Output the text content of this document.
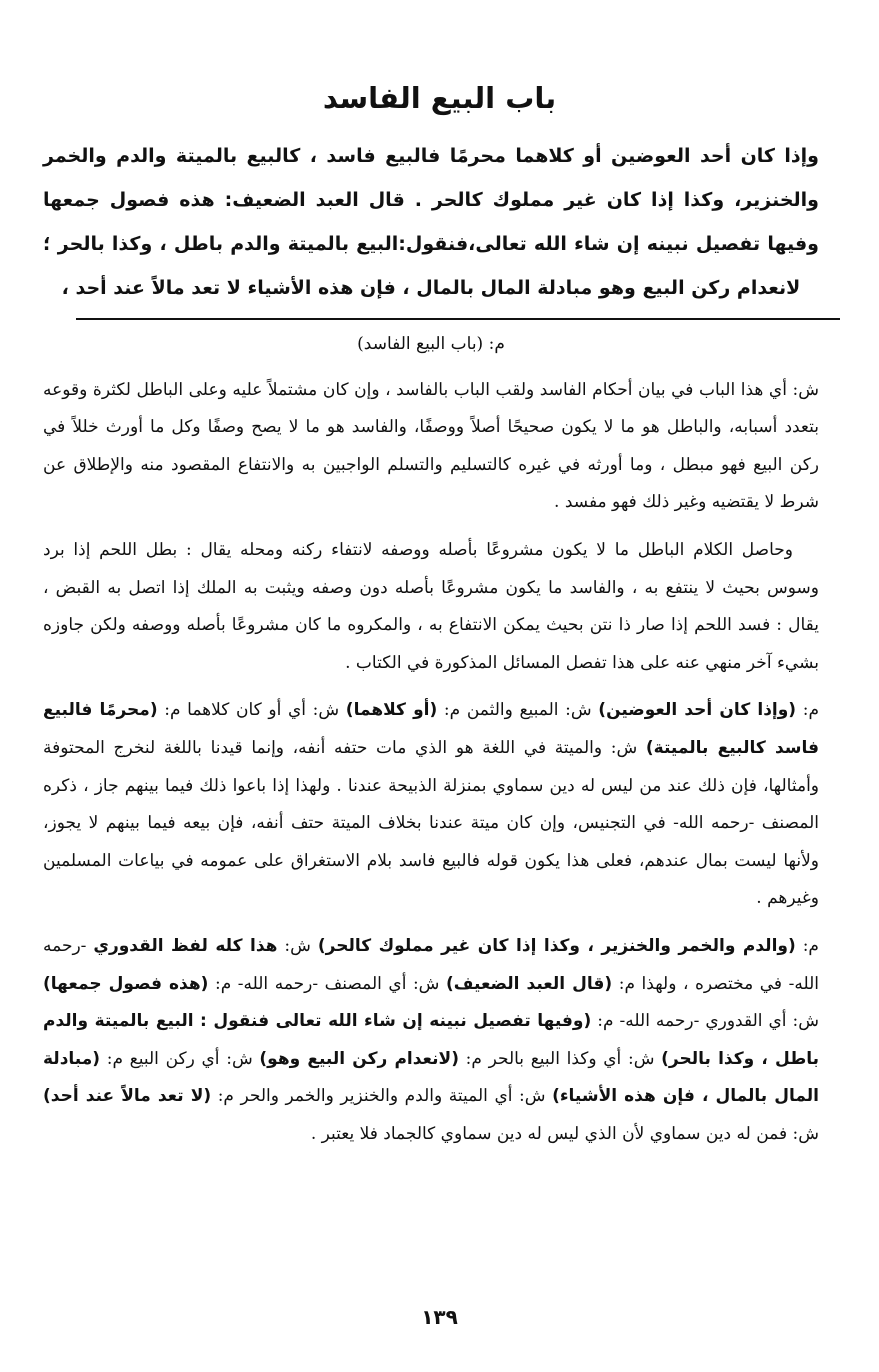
باب البيع الفاسد

وإذا كان أحد العوضين أو كلاهما محرمًا فالبيع فاسد ، كالبيع بالميتة والدم والخمر والخنزير، وكذا إذا كان غير مملوك كالحر . قال العبد الضعيف: هذه فصول جمعها وفيها تفصيل نبينه إن شاء الله تعالى،فنقول:البيع بالميتة والدم باطل ، وكذا بالحر ؛ لانعدام ركن البيع وهو مبادلة المال بالمال ، فإن هذه الأشياء لا تعد مالاً عند أحد ،

م: (باب البيع الفاسد)

ش: أي هذا الباب في بيان أحكام الفاسد ولقب الباب بالفاسد ، وإن كان مشتملاً عليه وعلى الباطل لكثرة وقوعه بتعدد أسبابه، والباطل هو ما لا يكون صحيحًا أصلاً ووصفًا، والفاسد هو ما لا يصح وصفًا وكل ما أورث خللاً في ركن البيع فهو مبطل ، وما أورثه في غيره كالتسليم والتسلم الواجبين به والانتفاع المقصود منه والإطلاق عن شرط لا يقتضيه وغير ذلك فهو مفسد .

وحاصل الكلام الباطل ما لا يكون مشروعًا بأصله ووصفه لانتفاء ركنه ومحله يقال : بطل اللحم إذا برد وسوس بحيث لا ينتفع به ، والفاسد ما يكون مشروعًا بأصله دون وصفه ويثبت به الملك إذا اتصل به القبض ، يقال : فسد اللحم إذا صار ذا نتن بحيث يمكن الانتفاع به ، والمكروه ما كان مشروعًا بأصله ووصفه ولكن جاوزه بشيء آخر منهي عنه على هذا تفصل المسائل المذكورة في الكتاب .

م: (وإذا كان أحد العوضين) ش: المبيع والثمن م: (أو كلاهما) ش: أي أو كان كلاهما م: (محرمًا فالبيع فاسد كالبيع بالميتة) ش: والميتة في اللغة هو الذي مات حتفه أنفه، وإنما قيدنا باللغة لنخرج المحتوفة وأمثالها، فإن ذلك عند من ليس له دين سماوي بمنزلة الذبيحة عندنا . ولهذا إذا باعوا ذلك فيما بينهم جاز ، ذكره المصنف -رحمه الله- في التجنيس، وإن كان ميتة عندنا بخلاف الميتة حتف أنفه، فإن بيعه فيما بينهم لا يجوز، ولأنها ليست بمال عندهم، فعلى هذا يكون قوله فالبيع فاسد بلام الاستغراق على عمومه في بياعات المسلمين وغيرهم .

م: (والدم والخمر والخنزير ، وكذا إذا كان غير مملوك كالحر) ش: هذا كله لفظ القدوري -رحمه الله- في مختصره ، ولهذا م: (قال العبد الضعيف) ش: أي المصنف -رحمه الله- م: (هذه فصول جمعها) ش: أي القدوري -رحمه الله- م: (وفيها تفصيل نبينه إن شاء الله تعالى فنقول : البيع بالميتة والدم باطل ، وكذا بالحر) ش: أي وكذا البيع بالحر م: (لانعدام ركن البيع وهو) ش: أي ركن البيع م: (مبادلة المال بالمال ، فإن هذه الأشياء) ش: أي الميتة والدم والخنزير والخمر والحر م: (لا تعد مالاً عند أحد) ش: فمن له دين سماوي لأن الذي ليس له دين سماوي كالجماد فلا يعتبر .

١٣٩
